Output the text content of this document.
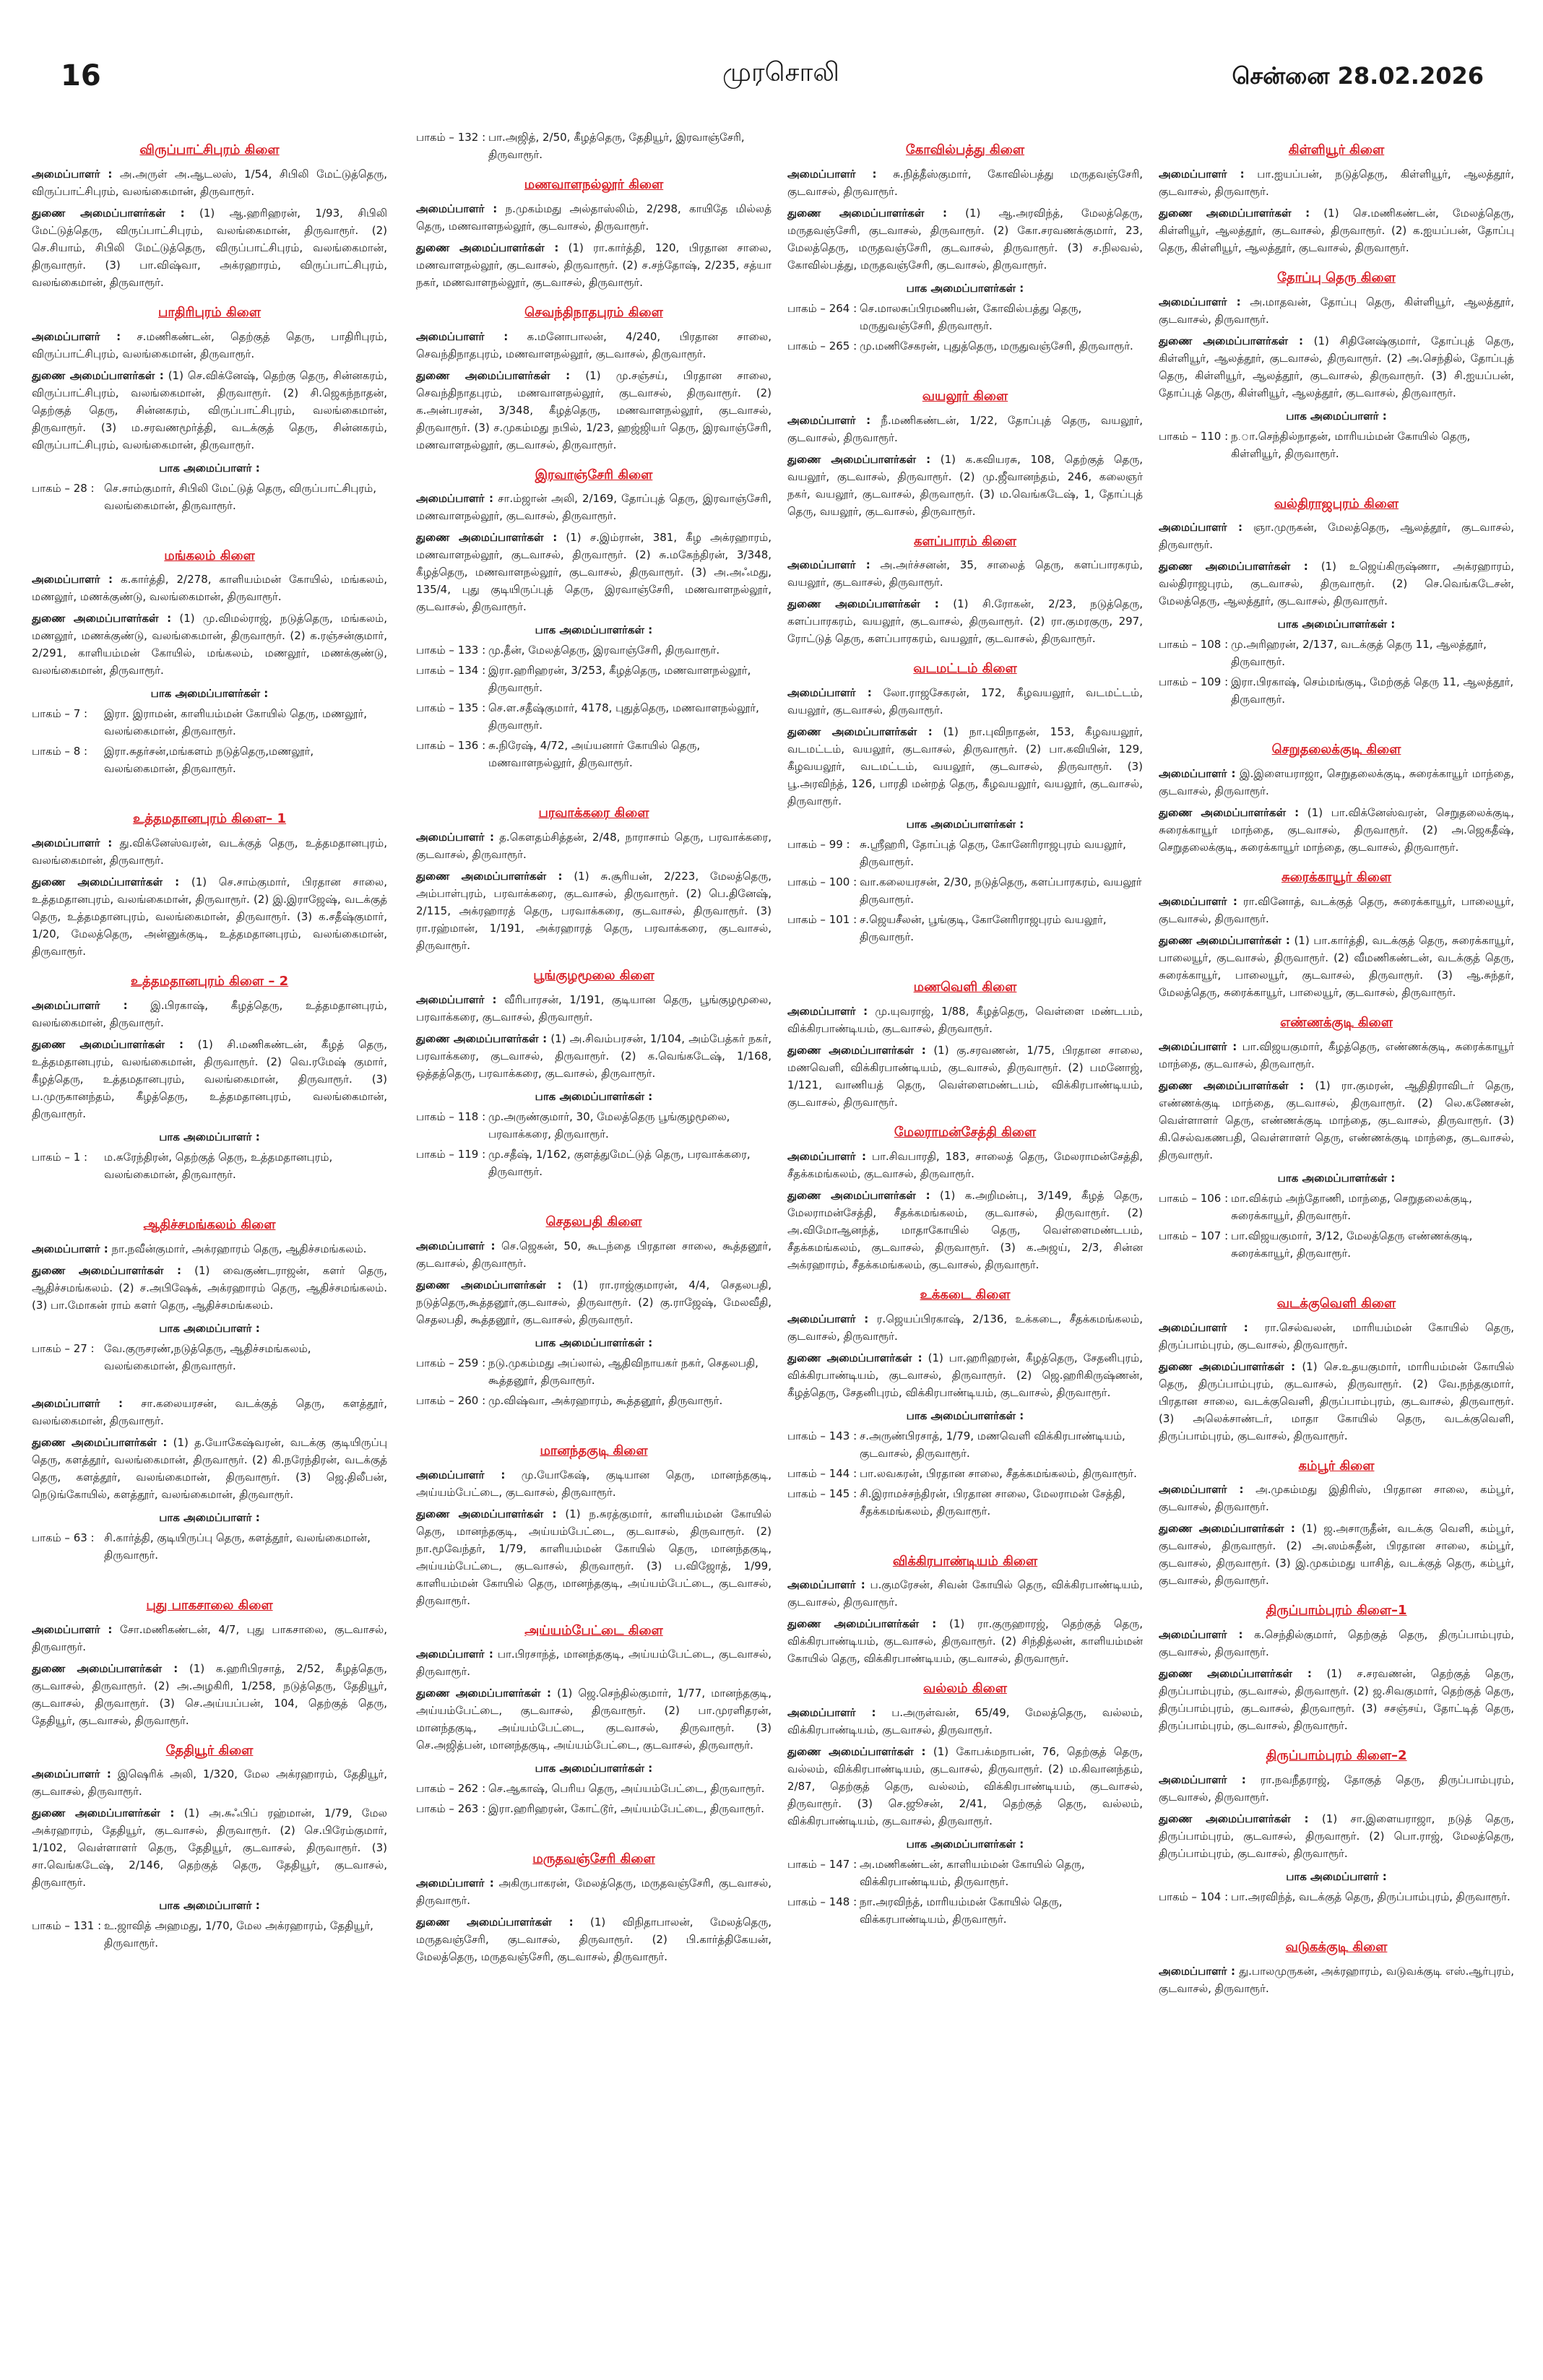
16	முரசொலி	சென்னை 28.02.2026
விருப்பாட்சிபுரம் கிளை

அமைப்பாளர் : அ.அருள் அ.ஆடலஸ், 1/54, சிபிலி மேட்டுத்தெரு, விருப்பாட்சிபுரம், வலங்கைமான், திருவாரூர்.

துணை அமைப்பாளர்கள் : (1) ஆ.ஹரிஹரன், 1/93, சிபிலி மேட்டுத்தெரு, விருப்பாட்சிபுரம், வலங்கைமான், திருவாரூர். (2) செ.சியாம், சிபிலி மேட்டுத்தெரு, விருப்பாட்சிபுரம், வலங்கைமான், திருவாரூர். (3) பா.விஷ்வா, அக்ரஹாரம், விருப்பாட்சிபுரம், வலங்கைமான், திருவாரூர்.

பாதிரிபுரம் கிளை

அமைப்பாளர் : ச.மணிகண்டன், தெற்குத் தெரு, பாதிரிபுரம், விருப்பாட்சிபுரம், வலங்கைமான், திருவாரூர்.

துணை அமைப்பாளர்கள் : (1) செ.விக்னேஷ், தெற்கு தெரு, சின்னகரம், விருப்பாட்சிபுரம், வலங்கைமான், திருவாரூர். (2) சி.ஜெகந்நாதன், தெற்குத் தெரு, சின்னகரம், விருப்பாட்சிபுரம், வலங்கைமான், திருவாரூர். (3) ம.சரவணமூர்த்தி, வடக்குத் தெரு, சின்னகரம், விருப்பாட்சிபுரம், வலங்கைமான், திருவாரூர்.

பாக அமைப்பாளர் :
பாகம் – 28 : செ.சாம்குமார், சிபிலி மேட்டுத் தெரு, விருப்பாட்சிபுரம், வலங்கைமான், திருவாரூர்.
மங்கலம் கிளை

அமைப்பாளர் : க.கார்த்தி, 2/278, காளியம்மன் கோயில், மங்கலம், மணலூர், மணக்குண்டு, வலங்கைமான், திருவாரூர்.

துணை அமைப்பாளர்கள் : (1) மு.விமல்ராஜ், நடுத்தெரு, மங்கலம், மணலூர், மணக்குண்டு, வலங்கைமான், திருவாரூர். (2) க.ரஞ்சன்குமார், 2/291, காளியம்மன் கோயில், மங்கலம், மணலூர், மணக்குண்டு, வலங்கைமான், திருவாரூர்.

பாக அமைப்பாளர்கள் :
பாகம் – 7 :	இரா. இராமன், காளியம்மன் கோயில் தெரு, மணலூர், வலங்கைமான், திருவாரூர்.
பாகம் – 8 :	இரா.சுதர்சன்,மங்களம் நடுத்தெரு,மணலூர், வலங்கைமான், திருவாரூர்.
உத்தமதானபுரம் கிளை– 1

அமைப்பாளர் : து.விக்னேஸ்வரன், வடக்குத் தெரு, உத்தமதானபுரம், வலங்கைமான், திருவாரூர்.

துணை அமைப்பாளர்கள் : (1) செ.சாம்குமார், பிரதான சாலை, உத்தமதானபுரம், வலங்கைமான், திருவாரூர். (2) இ.இராஜேஷ், வடக்குத் தெரு, உத்தமதானபுரம், வலங்கைமான், திருவாரூர். (3) க.சதீஷ்குமார், 1/20, மேலத்தெரு, அன்னுக்குடி, உத்தமதானபுரம், வலங்கைமான், திருவாரூர்.

உத்தமதானபுரம் கிளை – 2

அமைப்பாளர் : இ.பிரகாஷ், கீழத்தெரு, உத்தமதானபுரம், வலங்கைமான், திருவாரூர்.

துணை அமைப்பாளர்கள் : (1) சி.மணிகண்டன், கீழத் தெரு, உத்தமதானபுரம், வலங்கைமான், திருவாரூர். (2) வெ.ரமேஷ் குமார், கீழத்தெரு, உத்தமதானபுரம், வலங்கைமான், திருவாரூர். (3) ப.முருகானந்தம், கீழத்தெரு, உத்தமதானபுரம், வலங்கைமான், திருவாரூர்.

பாக அமைப்பாளர் :
பாகம் – 1 :	ம.சுரேந்திரன், தெற்குத் தெரு, உத்தமதானபுரம், வலங்கைமான், திருவாரூர்.
ஆதிச்சமங்கலம் கிளை

அமைப்பாளர் : நா.நவீன்குமார், அக்ரஹாரம் தெரு, ஆதிச்சமங்கலம்.

துணை அமைப்பாளர்கள் : (1) வைகுண்டராஜன், களர் தெரு, ஆதிச்சமங்கலம். (2) ச.அபிஷேக், அக்ரஹாரம் தெரு, ஆதிச்சமங்கலம். (3) பா.மோகன் ராம் களர் தெரு, ஆதிச்சமங்கலம்.

பாக அமைப்பாளர் :
பாகம் – 27 : வே.குருசரண்,நடுத்தெரு, ஆதிச்சமங்கலம், வலங்கைமான், திருவாரூர்.

அமைப்பாளர் : சா.கலையரசன், வடக்குத் தெரு, களத்தூர், வலங்கைமான், திருவாரூர்.

துணை அமைப்பாளர்கள் : (1) த.யோகேஷ்வரன், வடக்கு குடியிருப்பு தெரு, களத்தூர், வலங்கைமான், திருவாரூர். (2) கி.நரேந்திரன், வடக்குத் தெரு, களத்தூர், வலங்கைமான், திருவாரூர். (3) ஜெ.திலீபன், நெடுங்கோயில், களத்தூர், வலங்கைமான், திருவாரூர்.

பாக அமைப்பாளர் :
பாகம் – 63 : சி.கார்த்தி, குடியிருப்பு தெரு, களத்தூர், வலங்கைமான், திருவாரூர்.
புது பாகசாலை கிளை

அமைப்பாளர் : சோ.மணிகண்டன், 4/7, புது பாகசாலை, குடவாசல், திருவாரூர்.

துணை அமைப்பாளர்கள் : (1) க.ஹரிபிரசாத், 2/52, கீழத்தெரு, குடவாசல், திருவாரூர். (2) அ.அழகிரி, 1/258, நடுத்தெரு, தேதியூர், குடவாசல், திருவாரூர். (3) செ.அய்யப்பன், 104, தெற்குத் தெரு, தேதியூர், குடவாசல், திருவாரூர்.

தேதியூர் கிளை

அமைப்பாளர் : இஷெரிக் அலி, 1/320, மேல அக்ரஹாரம், தேதியூர், குடவாசல், திருவாரூர்.

துணை அமைப்பாளர்கள் : (1) அ.சுஃபிப் ரஹ்மான், 1/79, மேல அக்ரஹாரம், தேதியூர், குடவாசல், திருவாரூர். (2) செ.பிரேம்குமார், 1/102, வெள்ளாளர் தெரு, தேதியூர், குடவாசல், திருவாரூர். (3) சா.வெங்கடேஷ், 2/146, தெற்குத் தெரு, தேதியூர், குடவாசல், திருவாரூர்.

பாக அமைப்பாளர் :
பாகம் – 131 : உ.ஜாவித் அஹமது, 1/70, மேல அக்ரஹாரம், தேதியூர், திருவாரூர்.
பாகம் – 132 : பா.அஜித், 2/50, கீழத்தெரு, தேதியூர், இரவாஞ்சேரி, திருவாரூர்.
மணவாளநல்லூர் கிளை

அமைப்பாளர் : ந.முகம்மது அல்தாஸ்லிம், 2/298, காயிதே மில்லத் தெரு, மணவாளநல்லூர், குடவாசல், திருவாரூர்.

துணை அமைப்பாளர்கள் : (1) ரா.கார்த்தி, 120, பிரதான சாலை, மணவாளநல்லூர், குடவாசல், திருவாரூர். (2) ச.சந்தோஷ், 2/235, சத்யா நகர், மணவாளநல்லூர், குடவாசல், திருவாரூர்.

செவந்திநாதபுரம் கிளை

அமைப்பாளர் : க.மனோபாலன், 4/240, பிரதான சாலை, செவந்திநாதபுரம், மணவாளநல்லூர், குடவாசல், திருவாரூர்.

துணை அமைப்பாளர்கள் : (1) மு.சஞ்சய், பிரதான சாலை, செவந்திநாதபுரம், மணவாளநல்லூர், குடவாசல், திருவாரூர். (2) க.அன்பரசன், 3/348, கீழத்தெரு, மணவாளநல்லூர், குடவாசல், திருவாரூர். (3) ச.முகம்மது நபில், 1/23, ஹஜ்ஜியர் தெரு, இரவாஞ்சேரி, மணவாளநல்லூர், குடவாசல், திருவாரூர்.

இரவாஞ்சேரி கிளை

அமைப்பாளர் : சா.ம்ஜான் அலி, 2/169, தோப்புத் தெரு, இரவாஞ்சேரி, மணவாளநல்லூர், குடவாசல், திருவாரூர்.

துணை அமைப்பாளர்கள் : (1) ச.இம்ரான், 381, கீழ அக்ரஹாரம், மணவாளநல்லூர், குடவாசல், திருவாரூர். (2) சு.மகேந்திரன், 3/348, கீழத்தெரு, மணவாளநல்லூர், குடவாசல், திருவாரூர். (3) அ.அஃமது, 135/4, புது குடியிருப்புத் தெரு, இரவாஞ்சேரி, மணவாளநல்லூர், குடவாசல், திருவாரூர்.

பாக அமைப்பாளர்கள் :
பாகம் – 133 : மு.தீன், மேலத்தெரு, இரவாஞ்சேரி, திருவாரூர்.
பாகம் – 134 : இரா.ஹரிஹரன், 3/253, கீழத்தெரு, மணவாளநல்லூர், திருவாரூர்.
பாகம் – 135 : செ.ள.சதீஷ்குமார், 4178, புதுத்தெரு, மணவாளநல்லூர், திருவாரூர்.
பாகம் – 136 : சு.நிரேஷ், 4/72, அய்யனார் கோயில் தெரு, மணவாளநல்லூர், திருவாரூர்.
பரவாக்கரை கிளை

அமைப்பாளர் : த.கௌதம்சித்தன், 2/48, நாராசாம் தெரு, பரவாக்கரை, குடவாசல், திருவாரூர்.

துணை அமைப்பாளர்கள் : (1) சு.சூரியன், 2/223, மேலத்தெரு, அம்பாள்புரம், பரவாக்கரை, குடவாசல், திருவாரூர். (2) பெ.தினேஷ், 2/115, அக்ரஹாரத் தெரு, பரவாக்கரை, குடவாசல், திருவாரூர். (3) ரா.ரஹ்மான், 1/191, அக்ரஹாரத் தெரு, பரவாக்கரை, குடவாசல், திருவாரூர்.

பூங்குழமூலை கிளை

அமைப்பாளர் : வீரிபாரசன், 1/191, குடியான தெரு, பூங்குழமூலை, பரவாக்கரை, குடவாசல், திருவாரூர்.

துணை அமைப்பாளர்கள் : (1) அ.சிவம்பரசன், 1/104, அம்பேத்கர் நகர், பரவாக்கரை, குடவாசல், திருவாரூர். (2) க.வெங்கடேஷ், 1/168, ஒத்தத்தெரு, பரவாக்கரை, குடவாசல், திருவாரூர்.

பாக அமைப்பாளர்கள் :
பாகம் – 118 : மு.அருண்குமார், 30, மேலத்தெரு பூங்குழமூலை, பரவாக்கரை, திருவாரூர்.
பாகம் – 119 : மு.சதீஷ், 1/162, குளத்துமேட்டுத் தெரு, பரவாக்கரை, திருவாரூர்.
செதலபதி கிளை

அமைப்பாளர் : செ.ஜெகன், 50, கூடந்தை பிரதான சாலை, கூத்தனூர், குடவாசல், திருவாரூர்.

துணை அமைப்பாளர்கள் : (1) ரா.ராஜ்குமாரன், 4/4, செதலபதி, நடுத்தெரு,கூத்தனூர்,குடவாசல், திருவாரூர். (2) கு.ராஜேஷ், மேலவீதி, செதலபதி, கூத்தனூர், குடவாசல், திருவாரூர்.

பாக அமைப்பாளர்கள் :
பாகம் – 259 : நடு.முகம்மது அப்லால், ஆதிவிநாயகர் நகர், செதலபதி, கூத்தனூர், திருவாரூர்.
பாகம் – 260 : மு.விஷ்வா, அக்ரஹாரம், கூத்தனூர், திருவாரூர்.
மானந்தகுடி கிளை

அமைப்பாளர் : மு.யோகேஷ், குடியான தெரு, மானந்தகுடி, அய்யம்பேட்டை, குடவாசல், திருவாரூர்.

துணை அமைப்பாளர்கள் : (1) ந.சுரத்குமார், காளியம்மன் கோயில் தெரு, மானந்தகுடி, அய்யம்பேட்டை, குடவாசல், திருவாரூர். (2) நா.மூவேந்தர், 1/79, காளியம்மன் கோயில் தெரு, மானந்தகுடி, அய்யம்பேட்டை, குடவாசல், திருவாரூர். (3) ப.விஜோத், 1/99, காளியம்மன் கோயில் தெரு, மானந்தகுடி, அய்யம்பேட்டை, குடவாசல், திருவாரூர்.

அய்யம்பேட்டை கிளை

அமைப்பாளர் : பா.பிரசாந்த், மானந்தகுடி, அய்யம்பேட்டை, குடவாசல், திருவாரூர்.

துணை அமைப்பாளர்கள் : (1) ஜெ.செந்தில்குமார், 1/77, மானந்தகுடி, அய்யம்பேட்டை, குடவாசல், திருவாரூர். (2) பா.முரளிதரன், மானந்தகுடி, அய்யம்பேட்டை, குடவாசல், திருவாரூர். (3) செ.அஜித்பன், மானந்தகுடி, அய்யம்பேட்டை, குடவாசல், திருவாரூர்.

பாக அமைப்பாளர்கள் :
பாகம் – 262 : செ.ஆகாஷ், பெரிய தெரு, அய்யம்பேட்டை, திருவாரூர்.
பாகம் – 263 : இரா.ஹரிஹரன், கோட்டூர், அய்யம்பேட்டை, திருவாரூர்.
மருதவஞ்சேரி கிளை

அமைப்பாளர் : அகிருபாகரன், மேலத்தெரு, மருதவஞ்சேரி, குடவாசல், திருவாரூர்.

துணை அமைப்பாளர்கள் : (1) விநிதாபாலன், மேலத்தெரு, மருதவஞ்சேரி, குடவாசல், திருவாரூர். (2) பி.கார்த்திகேயன், மேலத்தெரு, மருதவஞ்சேரி, குடவாசல், திருவாரூர்.

கோவில்பத்து கிளை

அமைப்பாளர் : சு.நித்தீஸ்குமார், கோவில்பத்து மருதவஞ்சேரி, குடவாசல், திருவாரூர்.

துணை அமைப்பாளர்கள் : (1) ஆ.அரவிந்த், மேலத்தெரு, மருதவஞ்சேரி, குடவாசல், திருவாரூர். (2) கோ.சரவணக்குமார், 23, மேலத்தெரு, மருதவஞ்சேரி, குடவாசல், திருவாரூர். (3) ச.நிலவல், கோவில்பத்து, மருதவஞ்சேரி, குடவாசல், திருவாரூர்.

பாக அமைப்பாளர்கள் :
பாகம் – 264 : செ.மாலசுப்பிரமணியன், கோவில்பத்து தெரு, மருதுவஞ்சேரி, திருவாரூர்.
பாகம் – 265 : மு.மணிசேகரன், புதுத்தெரு, மருதுவஞ்சேரி, திருவாரூர்.
வயலூர் கிளை

அமைப்பாளர் : நீ.மணிகண்டன், 1/22, தோப்புத் தெரு, வயலூர், குடவாசல், திருவாரூர்.

துணை அமைப்பாளர்கள் : (1) க.கவியரசு, 108, தெற்குத் தெரு, வயலூர், குடவாசல், திருவாரூர். (2) மு.ஜீவானந்தம், 246, கலைஞர் நகர், வயலூர், குடவாசல், திருவாரூர். (3) ம.வெங்கடேஷ், 1, தோப்புத் தெரு, வயலூர், குடவாசல், திருவாரூர்.

களப்பாரம் கிளை

அமைப்பாளர் : அ.அர்ச்சனன், 35, சாலைத் தெரு, களப்பாரகரம், வயலூர், குடவாசல், திருவாரூர்.

துணை அமைப்பாளர்கள் : (1) சி.ரோகன், 2/23, நடுத்தெரு, களப்பாரகரம், வயலூர், குடவாசல், திருவாரூர். (2) ரா.குமரகுரு, 297, ரோட்டுத் தெரு, களப்பாரகரம், வயலூர், குடவாசல், திருவாரூர்.

வடமட்டம் கிளை

அமைப்பாளர் : லோ.ராஜசேகரன், 172, கீழவயலூர், வடமட்டம், வயலூர், குடவாசல், திருவாரூர்.

துணை அமைப்பாளர்கள் : (1) நா.புவிநாதன், 153, கீழவயலூர், வடமட்டம், வயலூர், குடவாசல், திருவாரூர். (2) பா.கவியின், 129, கீழவயலூர், வடமட்டம், வயலூர், குடவாசல், திருவாரூர். (3) பூ.அரவிந்த், 126, பாரதி மன்றத் தெரு, கீழவயலூர், வயலூர், குடவாசல், திருவாரூர்.

பாக அமைப்பாளர்கள் :
பாகம் – 99 : சு.ஸ்ரீஹரி, தோப்புத் தெரு, கோனேரிராஜபுரம் வயலூர், திருவாரூர்.
பாகம் – 100 : வா.கலையரசன், 2/30, நடுத்தெரு, களப்பாரகரம், வயலூர் திருவாரூர்.
பாகம் – 101 : ச.ஜெயசீலன், பூங்குடி, கோனேரிராஜபுரம் வயலூர், திருவாரூர்.
மணவெளி கிளை

அமைப்பாளர் : மு.யுவராஜ், 1/88, கீழத்தெரு, வெள்ளை மண்டபம், விக்கிரபாண்டியம், குடவாசல், திருவாரூர்.

துணை அமைப்பாளர்கள் : (1) கு.சரவணன், 1/75, பிரதான சாலை, மணவெளி, விக்கிரபாண்டியம், குடவாசல், திருவாரூர். (2) பமனோஜ், 1/121, வாணியத் தெரு, வெள்ளைமண்டபம், விக்கிரபாண்டியம், குடவாசல், திருவாரூர்.

மேலராமன்சேத்தி கிளை

அமைப்பாளர் : பா.சிவபாரதி, 183, சாலைத் தெரு, மேலராமன்சேத்தி, சீதக்கமங்கலம், குடவாசல், திருவாரூர்.

துணை அமைப்பாளர்கள் : (1) க.அறிமன்பு, 3/149, கீழத் தெரு, மேலராமன்சேத்தி, சீதக்கமங்கலம், குடவாசல், திருவாரூர். (2) அ.விமோஆனந்த், மாதாகோயில் தெரு, வெள்ளைமண்டபம், சீதக்கமங்கலம், குடவாசல், திருவாரூர். (3) க.அஜய், 2/3, சின்ன அக்ரஹாரம், சீதக்கமங்கலம், குடவாசல், திருவாரூர்.

உக்கடை கிளை

அமைப்பாளர் : ர.ஜெயப்பிரகாஷ், 2/136, உக்கடை, சீதக்கமங்கலம், குடவாசல், திருவாரூர்.

துணை அமைப்பாளர்கள் : (1) பா.ஹரிஹரன், கீழத்தெரு, சேதனிபுரம், விக்கிரபாண்டியம், குடவாசல், திருவாரூர். (2) ஜெ.ஹரிகிருஷ்ணன், கீழத்தெரு, சேதனிபுரம், விக்கிரபாண்டியம், குடவாசல், திருவாரூர்.

பாக அமைப்பாளர்கள் :
பாகம் – 143 : ச.அருண்பிரசாத், 1/79, மணவெளி விக்கிரபாண்டியம், குடவாசல், திருவாரூர்.
பாகம் – 144 : பா.லவகரன், பிரதான சாலை, சீதக்கமங்கலம், திருவாரூர்.
பாகம் – 145 : சி.இராமச்சந்திரன், பிரதான சாலை, மேலராமன் சேத்தி, சீதக்கமங்கலம், திருவாரூர்.
விக்கிரபாண்டியம் கிளை

அமைப்பாளர் : ப.குமரேசன், சிவன் கோயில் தெரு, விக்கிரபாண்டியம், குடவாசல், திருவாரூர்.

துணை அமைப்பாளர்கள் : (1) ரா.குருஹாரஜ், தெற்குத் தெரு, விக்கிரபாண்டியம், குடவாசல், திருவாரூர். (2) சிந்தித்லன், காளியம்மன் கோயில் தெரு, விக்கிரபாண்டியம், குடவாசல், திருவாரூர்.

வல்லம் கிளை

அமைப்பாளர் : ப.அருள்வன், 65/49, மேலத்தெரு, வல்லம், விக்கிரபாண்டியம், குடவாசல், திருவாரூர்.

துணை அமைப்பாளர்கள் : (1) கோபக்மநாபன், 76, தெற்குத் தெரு, வல்லம், விக்கிரபாண்டியம், குடவாசல், திருவாரூர். (2) ம.கிவானந்தம், 2/87, தெற்குத் தெரு, வல்லம், விக்கிரபாண்டியம், குடவாசல், திருவாரூர். (3) செ.ஜூசன், 2/41, தெற்குத் தெரு, வல்லம், விக்கிரபாண்டியம், குடவாசல், திருவாரூர்.

பாக அமைப்பாளர்கள் :
பாகம் – 147 : அ.மணிகண்டன், காளியம்மன் கோயில் தெரு, விக்கிரபாண்டியம், திருவாரூர்.
பாகம் – 148 : நா.அரவிந்த், மாரியம்மன் கோயில் தெரு, விக்கரபாண்டியம், திருவாரூர்.
கிள்ளியூர் கிளை

அமைப்பாளர் : பா.ஐயப்பன், நடுத்தெரு, கிள்ளியூர், ஆலத்தூர், குடவாசல், திருவாரூர்.

துணை அமைப்பாளர்கள் : (1) செ.மணிகண்டன், மேலத்தெரு, கிள்ளியூர், ஆலத்தூர், குடவாசல், திருவாரூர். (2) க.ஐயப்பன், தோப்பு தெரு, கிள்ளியூர், ஆலத்தூர், குடவாசல், திருவாரூர்.

தோப்பு தெரு கிளை

அமைப்பாளர் : அ.மாதவன், தோப்பு தெரு, கிள்ளியூர், ஆலத்தூர், குடவாசல், திருவாரூர்.

துணை அமைப்பாளர்கள் : (1) சிதினேஷ்குமார், தோப்புத் தெரு, கிள்ளியூர், ஆலத்தூர், குடவாசல், திருவாரூர். (2) அ.செந்தில், தோப்புத் தெரு, கிள்ளியூர், ஆலத்தூர், குடவாசல், திருவாரூர். (3) சி.ஐயப்பன், தோப்புத் தெரு, கிள்ளியூர், ஆலத்தூர், குடவாசல், திருவாரூர்.

பாக அமைப்பாளர் :
பாகம் – 110 : ந.ா.செந்தில்நாதன், மாரியம்மன் கோயில் தெரு, கிள்ளியூர், திருவாரூர்.
வல்திராஜபுரம் கிளை

அமைப்பாளர் : ஞா.முருகன், மேலத்தெரு, ஆலத்தூர், குடவாசல், திருவாரூர்.

துணை அமைப்பாளர்கள் : (1) உஜெய்கிருஷ்ணா, அக்ரஹாரம், வல்திராஜபுரம், குடவாசல், திருவாரூர். (2) செ.வெங்கடேசன், மேலத்தெரு, ஆலத்தூர், குடவாசல், திருவாரூர்.

பாக அமைப்பாளர்கள் :
பாகம் – 108 : மு.அரிஹரன், 2/137, வடக்குத் தெரு 11, ஆலத்தூர், திருவாரூர்.
பாகம் – 109 : இரா.பிரகாஷ், செம்மங்குடி, மேற்குத் தெரு 11, ஆலத்தூர், திருவாரூர்.
செறுதலைக்குடி கிளை

அமைப்பாளர் : இ.இளையராஜா, செறுதலைக்குடி, சுரைக்காயூர் மாந்தை, குடவாசல், திருவாரூர்.

துணை அமைப்பாளர்கள் : (1) பா.விக்னேஸ்வரன், செறுதலைக்குடி, சுரைக்காயூர் மாந்தை, குடவாசல், திருவாரூர். (2) அ.ஜெகதீஷ், செறுதலைக்குடி, சுரைக்காயூர் மாந்தை, குடவாசல், திருவாரூர்.

சுரைக்காயூர் கிளை

அமைப்பாளர் : ரா.வினோத், வடக்குத் தெரு, சுரைக்காயூர், பாலையூர், குடவாசல், திருவாரூர்.

துணை அமைப்பாளர்கள் : (1) பா.கார்த்தி, வடக்குத் தெரு, சுரைக்காயூர், பாலையூர், குடவாசல், திருவாரூர். (2) வீமணிகண்டன், வடக்குத் தெரு, சுரைக்காயூர், பாலையூர், குடவாசல், திருவாரூர். (3) ஆ.சுந்தர், மேலத்தெரு, சுரைக்காயூர், பாலையூர், குடவாசல், திருவாரூர்.

எண்ணக்குடி கிளை

அமைப்பாளர் : பா.விஜயகுமார், கீழத்தெரு, எண்ணக்குடி, சுரைக்காயூர் மாந்தை, குடவாசல், திருவாரூர்.

துணை அமைப்பாளர்கள் : (1) ரா.குமரன், ஆதிதிராவிடர் தெரு, எண்ணக்குடி மாந்தை, குடவாசல், திருவாரூர். (2) லெ.கணேசன், வெள்ளாளர் தெரு, எண்ணக்குடி மாந்தை, குடவாசல், திருவாரூர். (3) கி.செல்வகணபதி, வெள்ளாளர் தெரு, எண்ணக்குடி மாந்தை, குடவாசல், திருவாரூர்.

பாக அமைப்பாளர்கள் :
பாகம் – 106 : மா.விக்ரம் அந்தோணி, மாந்தை, செறுதலைக்குடி, சுரைக்காயூர், திருவாரூர்.
பாகம் – 107 : பா.விஜயகுமார், 3/12, மேலத்தெரு எண்ணக்குடி, சுரைக்காயூர், திருவாரூர்.
வடக்குவெளி கிளை

அமைப்பாளர் : ரா.செல்வலன், மாரியம்மன் கோயில் தெரு, திருப்பாம்புரம், குடவாசல், திருவாரூர்.

துணை அமைப்பாளர்கள் : (1) செ.உதயகுமார், மாரியம்மன் கோயில் தெரு, திருப்பாம்புரம், குடவாசல், திருவாரூர். (2) வே.நந்தகுமார், பிரதான சாலை, வடக்குவெளி, திருப்பாம்புரம், குடவாசல், திருவாரூர். (3) அலெக்சாண்டர், மாதா கோயில் தெரு, வடக்குவெளி, திருப்பாம்புரம், குடவாசல், திருவாரூர்.

கம்பூர் கிளை

அமைப்பாளர் : அ.முகம்மது இதிரிஸ், பிரதான சாலை, கம்பூர், குடவாசல், திருவாரூர்.

துணை அமைப்பாளர்கள் : (1) ஜ.அசாருதீன், வடக்கு வெளி, கம்பூர், குடவாசல், திருவாரூர். (2) அ.ஸம்சுதீன், பிரதான சாலை, கம்பூர், குடவாசல், திருவாரூர். (3) இ.முகம்மது யாசித், வடக்குத் தெரு, கம்பூர், குடவாசல், திருவாரூர்.

திருப்பாம்புரம் கிளை–1

அமைப்பாளர் : க.செந்தில்குமார், தெற்குத் தெரு, திருப்பாம்புரம், குடவாசல், திருவாரூர்.

துணை அமைப்பாளர்கள் : (1) ச.சரவணன், தெற்குத் தெரு, திருப்பாம்புரம், குடவாசல், திருவாரூர். (2) ஜ.சிவகுமார், தெற்குத் தெரு, திருப்பாம்புரம், குடவாசல், திருவாரூர். (3) சசஞ்சய், தோட்டித் தெரு, திருப்பாம்புரம், குடவாசல், திருவாரூர்.

திருப்பாம்புரம் கிளை–2

அமைப்பாளர் : ரா.நவநீதராஜ், தோகுத் தெரு, திருப்பாம்புரம், குடவாசல், திருவாரூர்.

துணை அமைப்பாளர்கள் : (1) சா.இளையராஜா, நடுத் தெரு, திருப்பாம்புரம், குடவாசல், திருவாரூர். (2) பொ.ராஜ், மேலத்தெரு, திருப்பாம்புரம், குடவாசல், திருவாரூர்.

பாக அமைப்பாளர் :
பாகம் – 104 : பா.அரவிந்த், வடக்குத் தெரு, திருப்பாம்புரம், திருவாரூர்.
வடுகக்குடி கிளை

அமைப்பாளர் : து.பாலமுருகன், அக்ரஹாரம், வடுவக்குடி எஸ்.ஆர்புரம், குடவாசல், திருவாரூர்.
